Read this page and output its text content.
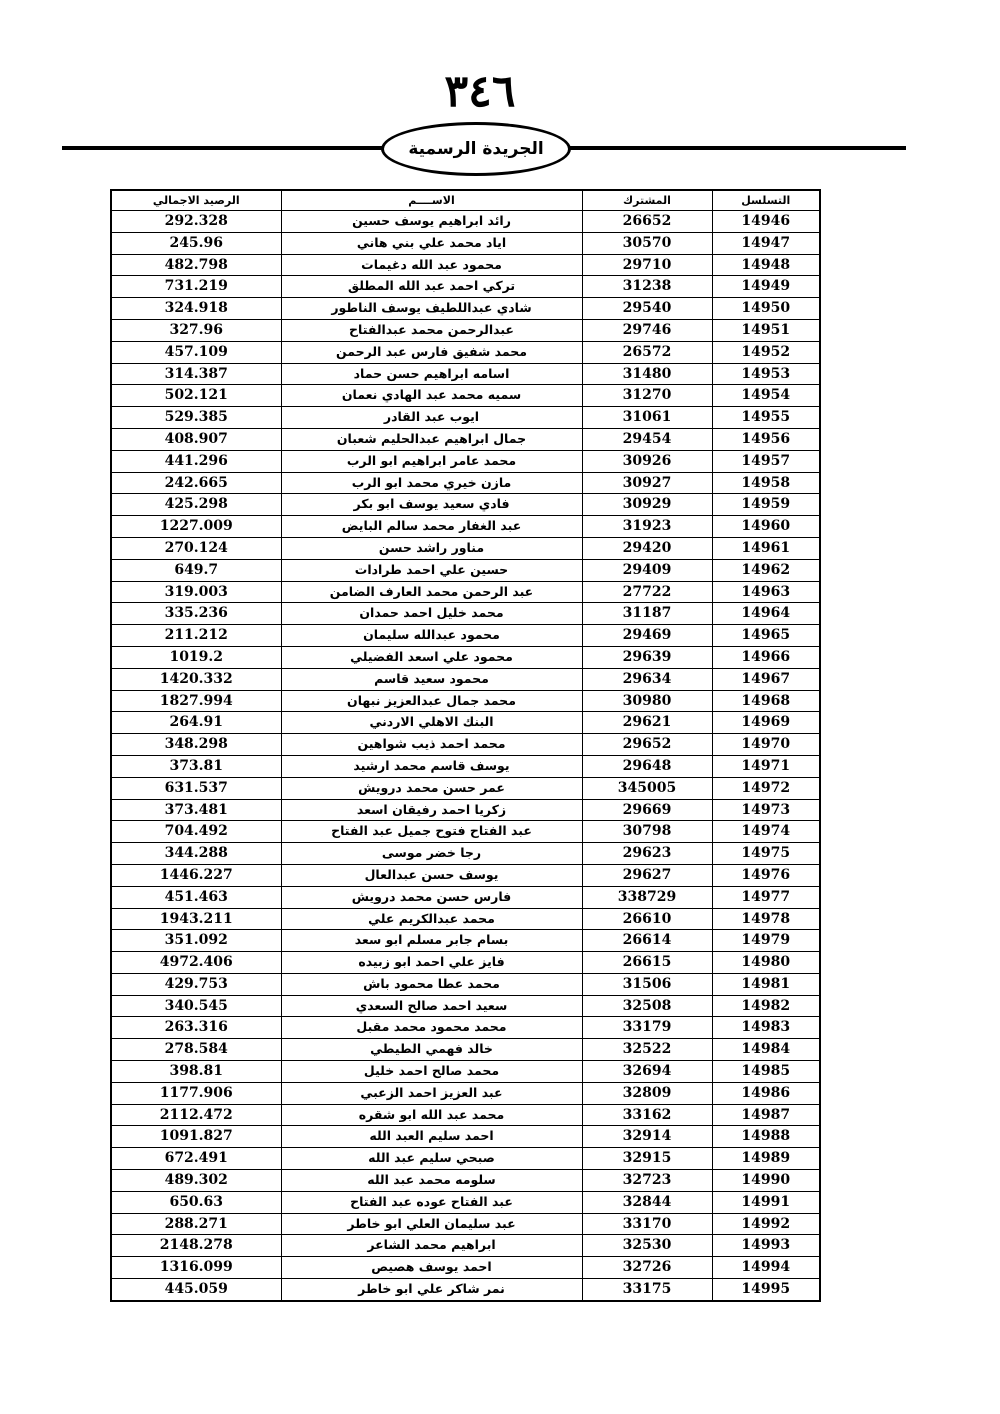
٣٤٦
الجريدة الرسمية
التسلسل	المشترك	الاســــم	الرصيد الاجمالي
14946	26652	رائد ابراهيم يوسف حسين	292.328
14947	30570	اياد محمد علي بني هاني	245.96
14948	29710	محمود عبد الله دغيمات	482.798
14949	31238	تركي احمد عبد الله المطلق	731.219
14950	29540	شادي عبداللطيف يوسف الناطور	324.918
14951	29746	عبدالرحمن محمد عبدالفتاح	327.96
14952	26572	محمد شفيق فارس عبد الرحمن	457.109
14953	31480	اسامه ابراهيم حسن حماد	314.387
14954	31270	سميه محمد عبد الهادي نعمان	502.121
14955	31061	ايوب عبد القادر	529.385
14956	29454	جمال ابراهيم عبدالحليم شعبان	408.907
14957	30926	محمد عامر ابراهيم ابو الرب	441.296
14958	30927	مازن خيري محمد ابو الرب	242.665
14959	30929	فادي سعيد يوسف ابو بكر	425.298
14960	31923	عبد الغفار محمد سالم البايض	1227.009
14961	29420	مناور راشد حسن	270.124
14962	29409	حسين علي احمد طرادات	649.7
14963	27722	عبد الرحمن محمد العارف الضامن	319.003
14964	31187	محمد خليل احمد حمدان	335.236
14965	29469	محمود عبدالله سليمان	211.212
14966	29639	محمود علي اسعد الفضيلي	1019.2
14967	29634	محمود سعيد قاسم	1420.332
14968	30980	محمد جمال عبدالعزيز نبهان	1827.994
14969	29621	البنك الاهلي الاردني	264.91
14970	29652	محمد احمد ذيب شواهين	348.298
14971	29648	يوسف قاسم محمد ارشيد	373.81
14972	345005	عمر حسن محمد درويش	631.537
14973	29669	زكريا احمد رفيقان اسعد	373.481
14974	30798	عبد الفتاح فتوح جميل عبد الفتاح	704.492
14975	29623	رجا خضر موسى	344.288
14976	29627	يوسف حسن عبدالعال	1446.227
14977	338729	فارس حسن محمد درويش	451.463
14978	26610	محمد عبدالكريم علي	1943.211
14979	26614	بسام جابر مسلم ابو سعد	351.092
14980	26615	فايز علي احمد ابو زبيده	4972.406
14981	31506	محمد عطا محمود باش	429.753
14982	32508	سعيد احمد صالح السعدي	340.545
14983	33179	محمد محمود محمد مقبل	263.316
14984	32522	خالد فهمي الطيطي	278.584
14985	32694	محمد صالح احمد خليل	398.81
14986	32809	عبد العزيز احمد الزعبي	1177.906
14987	33162	محمد عبد الله ابو شقره	2112.472
14988	32914	احمد سليم العبد الله	1091.827
14989	32915	صبحي سليم عبد الله	672.491
14990	32723	سلومه محمد عبد الله	489.302
14991	32844	عبد الفتاح عوده عبد الفتاح	650.63
14992	33170	عبد سليمان العلي ابو خاطر	288.271
14993	32530	ابراهيم محمد الشاعر	2148.278
14994	32726	احمد يوسف هصيص	1316.099
14995	33175	نمر شاكر علي ابو خاطر	445.059
